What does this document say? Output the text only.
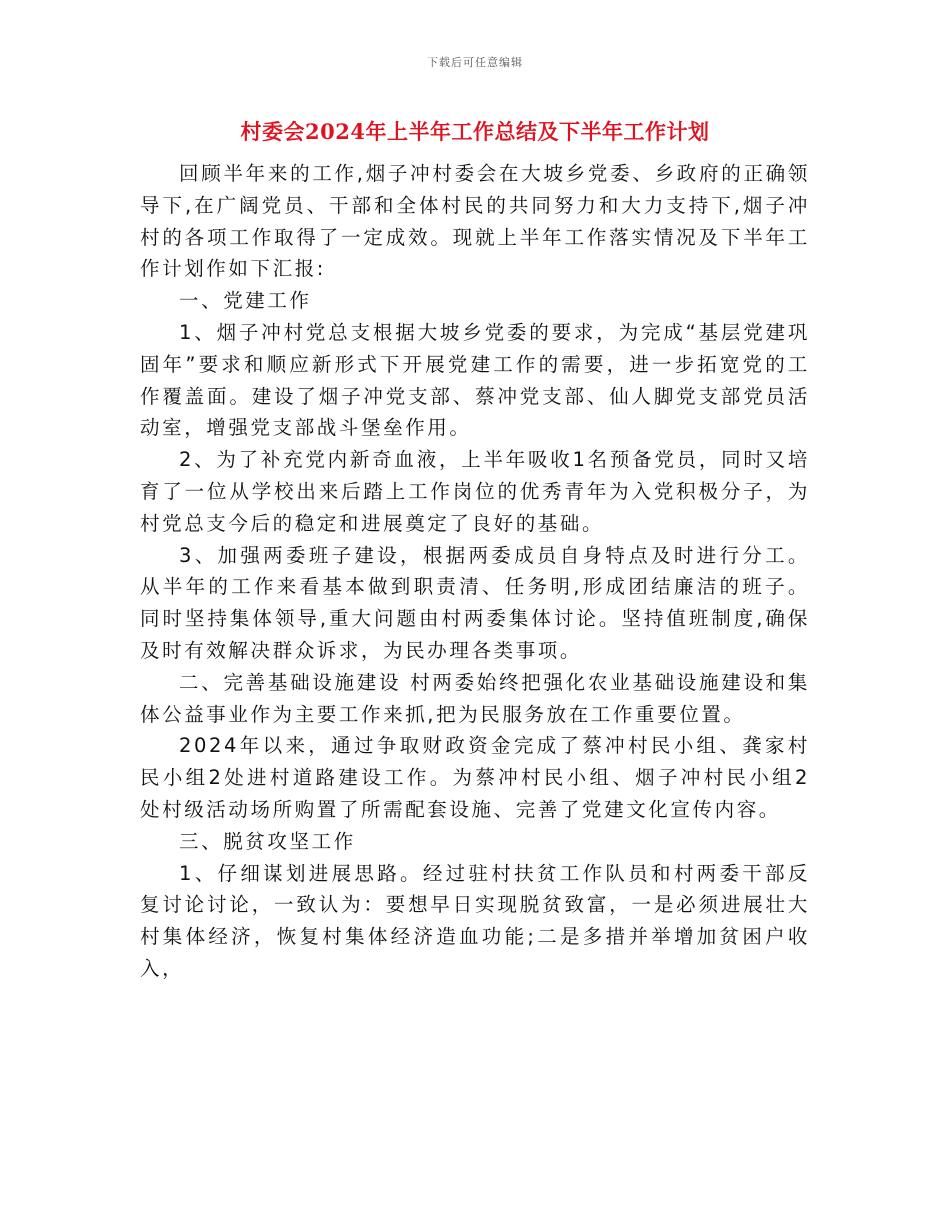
下载后可任意编辑
村委会2024年上半年工作总结及下半年工作计划

回顾半年来的工作,烟子冲村委会在大坡乡党委、乡政府的正确领导下,在广阔党员、干部和全体村民的共同努力和大力支持下,烟子冲村的各项工作取得了一定成效。现就上半年工作落实情况及下半年工作计划作如下汇报:

一、党建工作

1、烟子冲村党总支根据大坡乡党委的要求，为完成“基层党建巩固年”要求和顺应新形式下开展党建工作的需要，进一步拓宽党的工作覆盖面。建设了烟子冲党支部、蔡冲党支部、仙人脚党支部党员活动室，增强党支部战斗堡垒作用。

2、为了补充党内新奇血液，上半年吸收1名预备党员，同时又培育了一位从学校出来后踏上工作岗位的优秀青年为入党积极分子，为村党总支今后的稳定和进展奠定了良好的基础。

3、加强两委班子建设，根据两委成员自身特点及时进行分工。从半年的工作来看基本做到职责清、任务明,形成团结廉洁的班子。同时坚持集体领导,重大问题由村两委集体讨论。坚持值班制度,确保及时有效解决群众诉求，为民办理各类事项。

二、完善基础设施建设 村两委始终把强化农业基础设施建设和集体公益事业作为主要工作来抓,把为民服务放在工作重要位置。

2024年以来，通过争取财政资金完成了蔡冲村民小组、龚家村民小组2处进村道路建设工作。为蔡冲村民小组、烟子冲村民小组2处村级活动场所购置了所需配套设施、完善了党建文化宣传内容。

三、脱贫攻坚工作

1、仔细谋划进展思路。经过驻村扶贫工作队员和村两委干部反复讨论讨论，一致认为：要想早日实现脱贫致富，一是必须进展壮大村集体经济，恢复村集体经济造血功能;二是多措并举增加贫困户收入，
